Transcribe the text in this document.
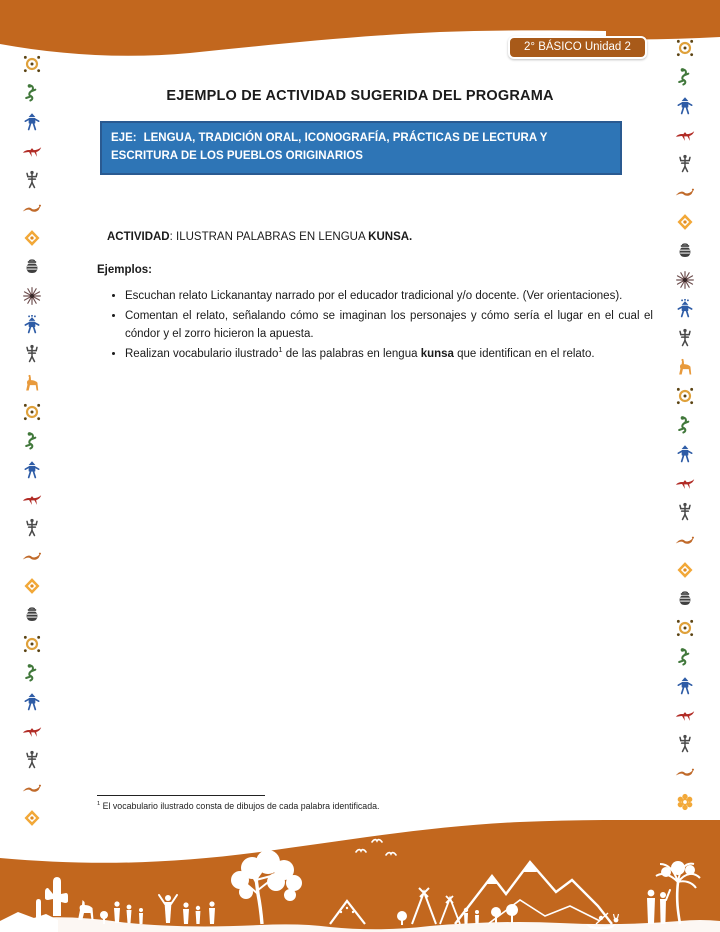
2° BÁSICO Unidad 2
EJEMPLO DE ACTIVIDAD SUGERIDA DEL PROGRAMA
EJE: LENGUA, TRADICIÓN ORAL, ICONOGRAFÍA, PRÁCTICAS DE LECTURA Y ESCRITURA DE LOS PUEBLOS ORIGINARIOS
ACTIVIDAD: ILUSTRAN PALABRAS EN LENGUA KUNSA.
Ejemplos:
• Escuchan relato Lickanantay narrado por el educador tradicional y/o docente. (Ver orientaciones).
• Comentan el relato, señalando cómo se imaginan los personajes y cómo sería el lugar en el cual el cóndor y el zorro hicieron la apuesta.
• Realizan vocabulario ilustrado$^1$ de las palabras en lengua kunsa que identifican en el relato.
$^1$ El vocabulario ilustrado consta de dibujos de cada palabra identificada.
